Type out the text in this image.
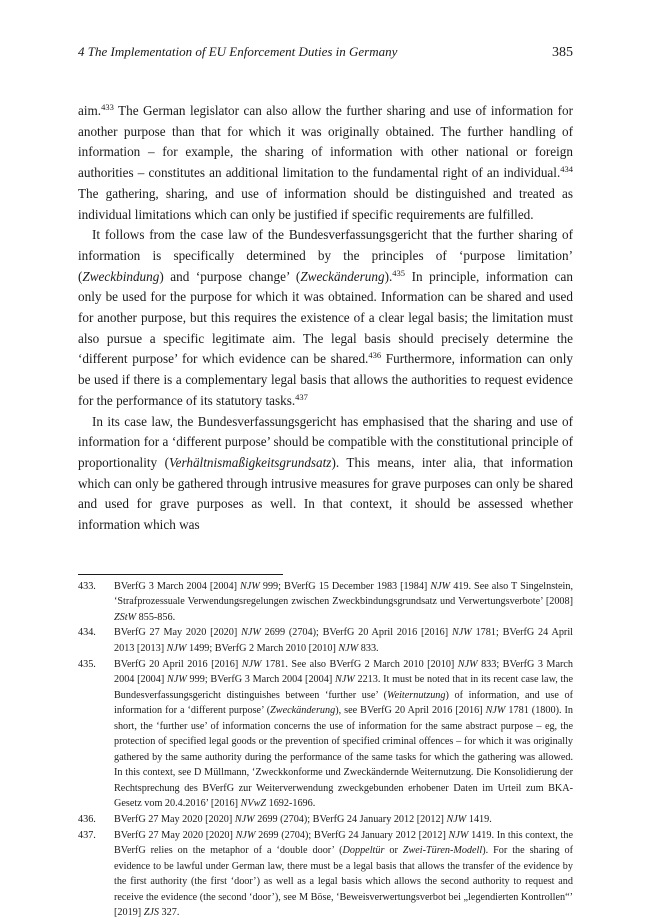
4 The Implementation of EU Enforcement Duties in Germany	385

aim.$^{433}$ The German legislator can also allow the further sharing and use of information for another purpose than that for which it was originally obtained. The further handling of information – for example, the sharing of information with other national or foreign authorities – constitutes an additional limitation to the fundamental right of an individual.$^{434}$ The gathering, sharing, and use of information should be distinguished and treated as individual limitations which can only be justified if specific requirements are fulfilled.

It follows from the case law of the Bundesverfassungsgericht that the further sharing of information is specifically determined by the principles of ‘purpose limitation’ (Zweckbindung) and ‘purpose change’ (Zweckänderung).$^{435}$ In principle, information can only be used for the purpose for which it was obtained. Information can be shared and used for another purpose, but this requires the existence of a clear legal basis; the limitation must also pursue a specific legitimate aim. The legal basis should precisely determine the ‘different purpose’ for which evidence can be shared.$^{436}$ Furthermore, information can only be used if there is a complementary legal basis that allows the authorities to request evidence for the performance of its statutory tasks.$^{437}$

In its case law, the Bundesverfassungsgericht has emphasised that the sharing and use of information for a ‘different purpose’ should be compatible with the constitutional principle of proportionality (Verhältnismaßigkeitsgrundsatz). This means, inter alia, that information which can only be gathered through intrusive measures for grave purposes can only be shared and used for grave purposes as well. In that context, it should be assessed whether information which was

433.	BVerfG 3 March 2004 [2004] NJW 999; BVerfG 15 December 1983 [1984] NJW 419. See also T Singelnstein, ‘Strafprozessuale Verwendungsregelungen zwischen Zweckbindungsgrundsatz und Verwertungsverbote’ [2008] ZStW 855-856.
434.	BVerfG 27 May 2020 [2020] NJW 2699 (2704); BVerfG 20 April 2016 [2016] NJW 1781; BVerfG 24 April 2013 [2013] NJW 1499; BVerfG 2 March 2010 [2010] NJW 833.
435.	BVerfG 20 April 2016 [2016] NJW 1781. See also BVerfG 2 March 2010 [2010] NJW 833; BVerfG 3 March 2004 [2004] NJW 999; BVerfG 3 March 2004 [2004] NJW 2213. It must be noted that in its recent case law, the Bundesverfassungsgericht distinguishes between ‘further use’ (Weiternutzung) of information, and use of information for a ‘different purpose’ (Zweckänderung), see BVerfG 20 April 2016 [2016] NJW 1781 (1800). In short, the ‘further use’ of information concerns the use of information for the same abstract purpose – eg, the protection of specified legal goods or the prevention of specified criminal offences – for which it was originally gathered by the same authority during the performance of the same tasks for which the gathering was allowed. In this context, see D Müllmann, ‘Zweckkonforme und Zweckändernde Weiternutzung. Die Konsolidierung der Rechtsprechung des BVerfG zur Weiterverwendung zweckgebunden erhobener Daten im Urteil zum BKA-Gesetz vom 20.4.2016’ [2016] NVwZ 1692-1696.
436.	BVerfG 27 May 2020 [2020] NJW 2699 (2704); BVerfG 24 January 2012 [2012] NJW 1419.
437.	BVerfG 27 May 2020 [2020] NJW 2699 (2704); BVerfG 24 January 2012 [2012] NJW 1419. In this context, the BVerfG relies on the metaphor of a ‘double door’ (Doppeltür or Zwei-Türen-Modell). For the sharing of evidence to be lawful under German law, there must be a legal basis that allows the transfer of the evidence by the first authority (the first ‘door’) as well as a legal basis which allows the second authority to request and receive the evidence (the second ‘door’), see M Böse, ‘Beweisverwertungsverbot bei „legendierten Kontrollen“’ [2019] ZJS 327.
